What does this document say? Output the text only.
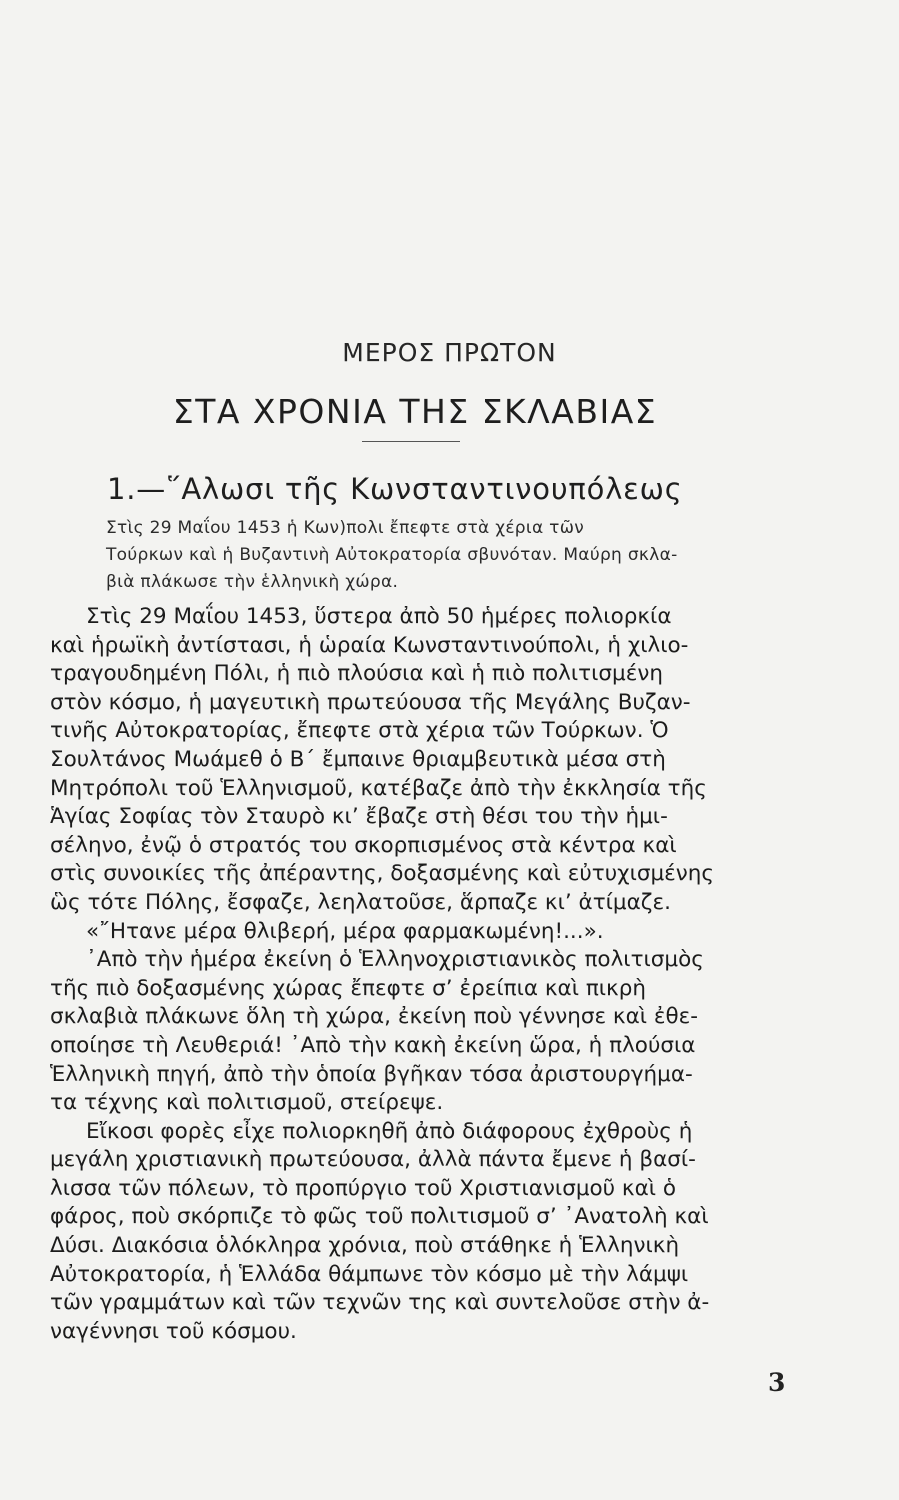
ΜΕΡΟΣ ΠΡΩΤΟΝ
ΣΤΑ ΧΡΟΝΙΑ ΤΗΣ ΣΚΛΑΒΙΑΣ
1.—῞Αλωσι τῆς Κωνσταντινουπόλεως
Στὶς 29 Μαΐου 1453 ἡ Κων)πολι ἔπεφτε στὰ χέρια τῶν
Τούρκων καὶ ἡ Βυζαντινὴ Αὐτοκρατορία σβυνόταν. Μαύρη σκλα-
βιὰ πλάκωσε τὴν ἑλληνικὴ χώρα.
Στὶς 29 Μαΐου 1453, ὕστερα ἀπὸ 50 ἡμέρες πολιορκία
καὶ ἡρωϊκὴ ἀντίστασι, ἡ ὡραία Κωνσταντινούπολι, ἡ χιλιο-
τραγουδημένη Πόλι, ἡ πιὸ πλούσια καὶ ἡ πιὸ πολιτισμένη
στὸν κόσμο, ἡ μαγευτικὴ πρωτεύουσα τῆς Μεγάλης Βυζαν-
τινῆς Αὐτοκρατορίας, ἔπεφτε στὰ χέρια τῶν Τούρκων. Ὁ
Σουλτάνος Μωάμεθ ὁ Β΄ ἔμπαινε θριαμβευτικὰ μέσα στὴ
Μητρόπολι τοῦ Ἑλληνισμοῦ, κατέβαζε ἀπὸ τὴν ἐκκλησία τῆς
Ἁγίας Σοφίας τὸν Σταυρὸ κι’ ἔβαζε στὴ θέσι του τὴν ἡμι-
σέληνο, ἐνῷ ὁ στρατός του σκορπισμένος στὰ κέντρα καὶ
στὶς συνοικίες τῆς ἀπέραντης, δοξασμένης καὶ εὐτυχισμένης
ὣς τότε Πόλης, ἔσφαζε, λεηλατοῦσε, ἅρπαζε κι’ ἀτίμαζε.
«῎Ητανε μέρα θλιβερή, μέρα φαρμακωμένη!...».
᾽Απὸ τὴν ἡμέρα ἐκείνη ὁ Ἑλληνοχριστιανικὸς πολιτισμὸς
τῆς πιὸ δοξασμένης χώρας ἔπεφτε σ’ ἐρείπια καὶ πικρὴ
σκλαβιὰ πλάκωνε ὅλη τὴ χώρα, ἐκείνη ποὺ γέννησε καὶ ἐθε-
οποίησε τὴ Λευθεριά! ᾽Απὸ τὴν κακὴ ἐκείνη ὥρα, ἡ πλούσια
Ἑλληνικὴ πηγή, ἀπὸ τὴν ὁποία βγῆκαν τόσα ἀριστουργήμα-
τα τέχνης καὶ πολιτισμοῦ, στείρεψε.
Εἴκοσι φορὲς εἶχε πολιορκηθῆ ἀπὸ διάφορους ἐχθροὺς ἡ
μεγάλη χριστιανικὴ πρωτεύουσα, ἀλλὰ πάντα ἔμενε ἡ βασί-
λισσα τῶν πόλεων, τὸ προπύργιο τοῦ Χριστιανισμοῦ καὶ ὁ
φάρος, ποὺ σκόρπιζε τὸ φῶς τοῦ πολιτισμοῦ σ’ ᾽Ανατολὴ καὶ
Δύσι. Διακόσια ὁλόκληρα χρόνια, ποὺ στάθηκε ἡ Ἑλληνικὴ
Αὐτοκρατορία, ἡ Ἑλλάδα θάμπωνε τὸν κόσμο μὲ τὴν λάμψι
τῶν γραμμάτων καὶ τῶν τεχνῶν της καὶ συντελοῦσε στὴν ἀ-
ναγέννησι τοῦ κόσμου.
3
